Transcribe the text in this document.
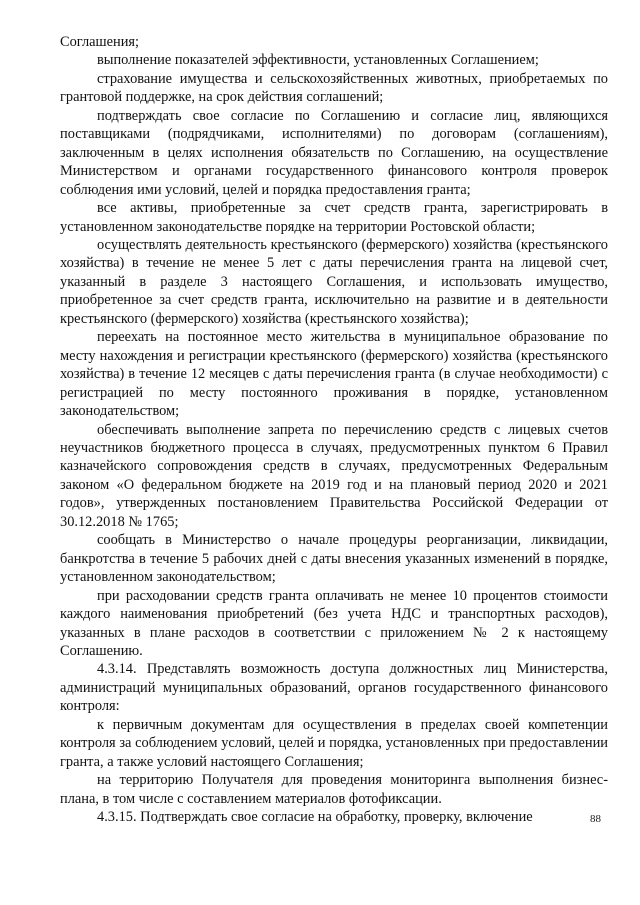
Соглашения;

выполнение показателей эффективности, установленных Соглашением;

страхование имущества и сельскохозяйственных животных, приобретаемых по грантовой поддержке, на срок действия соглашений;

подтверждать свое согласие по Соглашению и согласие лиц, являющихся поставщиками (подрядчиками, исполнителями) по договорам (соглашениям), заключенным в целях исполнения обязательств по Соглашению, на осуществление Министерством и органами государственного финансового контроля проверок соблюдения ими условий, целей и порядка предоставления гранта;

все активы, приобретенные за счет средств гранта, зарегистрировать в установленном законодательстве порядке на территории Ростовской области;

осуществлять деятельность крестьянского (фермерского) хозяйства (крестьянского хозяйства) в течение не менее 5 лет с даты перечисления гранта на лицевой счет, указанный в разделе 3 настоящего Соглашения, и использовать имущество, приобретенное за счет средств гранта, исключительно на развитие и в деятельности крестьянского (фермерского) хозяйства (крестьянского хозяйства);

переехать на постоянное место жительства в муниципальное образование по месту нахождения и регистрации крестьянского (фермерского) хозяйства (крестьянского хозяйства) в течение 12 месяцев с даты перечисления гранта (в случае необходимости) с регистрацией по месту постоянного проживания в порядке, установленном законодательством;

обеспечивать выполнение запрета по перечислению средств с лицевых счетов неучастников бюджетного процесса в случаях, предусмотренных пунктом 6 Правил казначейского сопровождения средств в случаях, предусмотренных Федеральным законом «О федеральном бюджете на 2019 год и на плановый период 2020 и 2021 годов», утвержденных постановлением Правительства Российской Федерации от 30.12.2018 № 1765;

сообщать в Министерство о начале процедуры реорганизации, ликвидации, банкротства в течение 5 рабочих дней с даты внесения указанных изменений в порядке, установленном законодательством;

при расходовании средств гранта оплачивать не менее 10 процентов стоимости каждого наименования приобретений (без учета НДС и транспортных расходов), указанных в плане расходов в соответствии с приложением № 2 к настоящему Соглашению.

4.3.14. Представлять возможность доступа должностных лиц Министерства, администраций муниципальных образований, органов государственного финансового контроля:

к первичным документам для осуществления в пределах своей компетенции контроля за соблюдением условий, целей и порядка, установленных при предоставлении гранта, а также условий настоящего Соглашения;

на территорию Получателя для проведения мониторинга выполнения бизнес-плана, в том числе с составлением материалов фотофиксации.

4.3.15. Подтверждать свое согласие на обработку, проверку, включение	88
